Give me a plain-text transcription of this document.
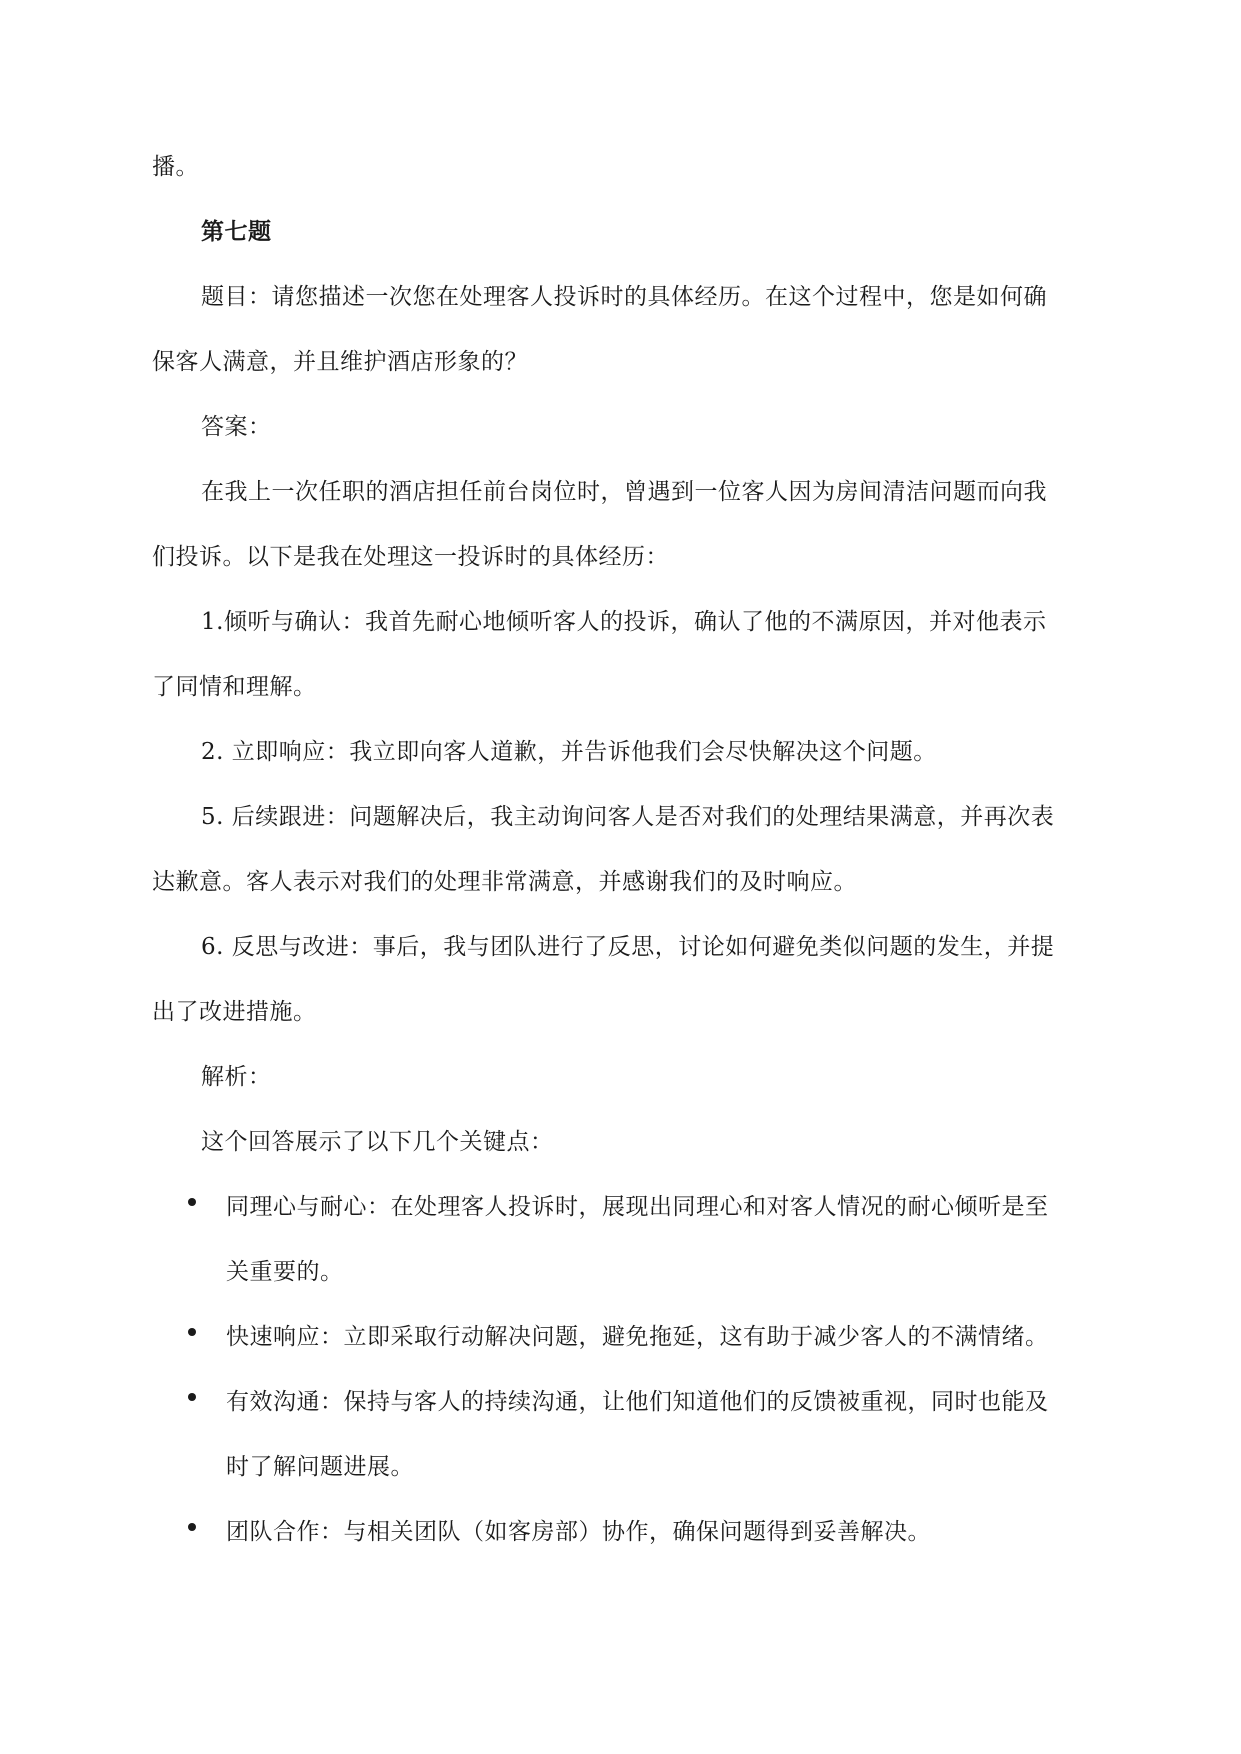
播。
第七题
题目：请您描述一次您在处理客人投诉时的具体经历。在这个过程中，您是如何确
保客人满意，并且维护酒店形象的？
答案：
在我上一次任职的酒店担任前台岗位时，曾遇到一位客人因为房间清洁问题而向我
们投诉。以下是我在处理这一投诉时的具体经历：
1.倾听与确认：我首先耐心地倾听客人的投诉，确认了他的不满原因，并对他表示
了同情和理解。
2. 立即响应：我立即向客人道歉，并告诉他我们会尽快解决这个问题。
5. 后续跟进：问题解决后，我主动询问客人是否对我们的处理结果满意，并再次表
达歉意。客人表示对我们的处理非常满意，并感谢我们的及时响应。
6. 反思与改进：事后，我与团队进行了反思，讨论如何避免类似问题的发生，并提
出了改进措施。
解析：
这个回答展示了以下几个关键点：
同理心与耐心：在处理客人投诉时，展现出同理心和对客人情况的耐心倾听是至
关重要的。
快速响应：立即采取行动解决问题，避免拖延，这有助于减少客人的不满情绪。
有效沟通：保持与客人的持续沟通，让他们知道他们的反馈被重视，同时也能及
时了解问题进展。
团队合作：与相关团队（如客房部）协作，确保问题得到妥善解决。
